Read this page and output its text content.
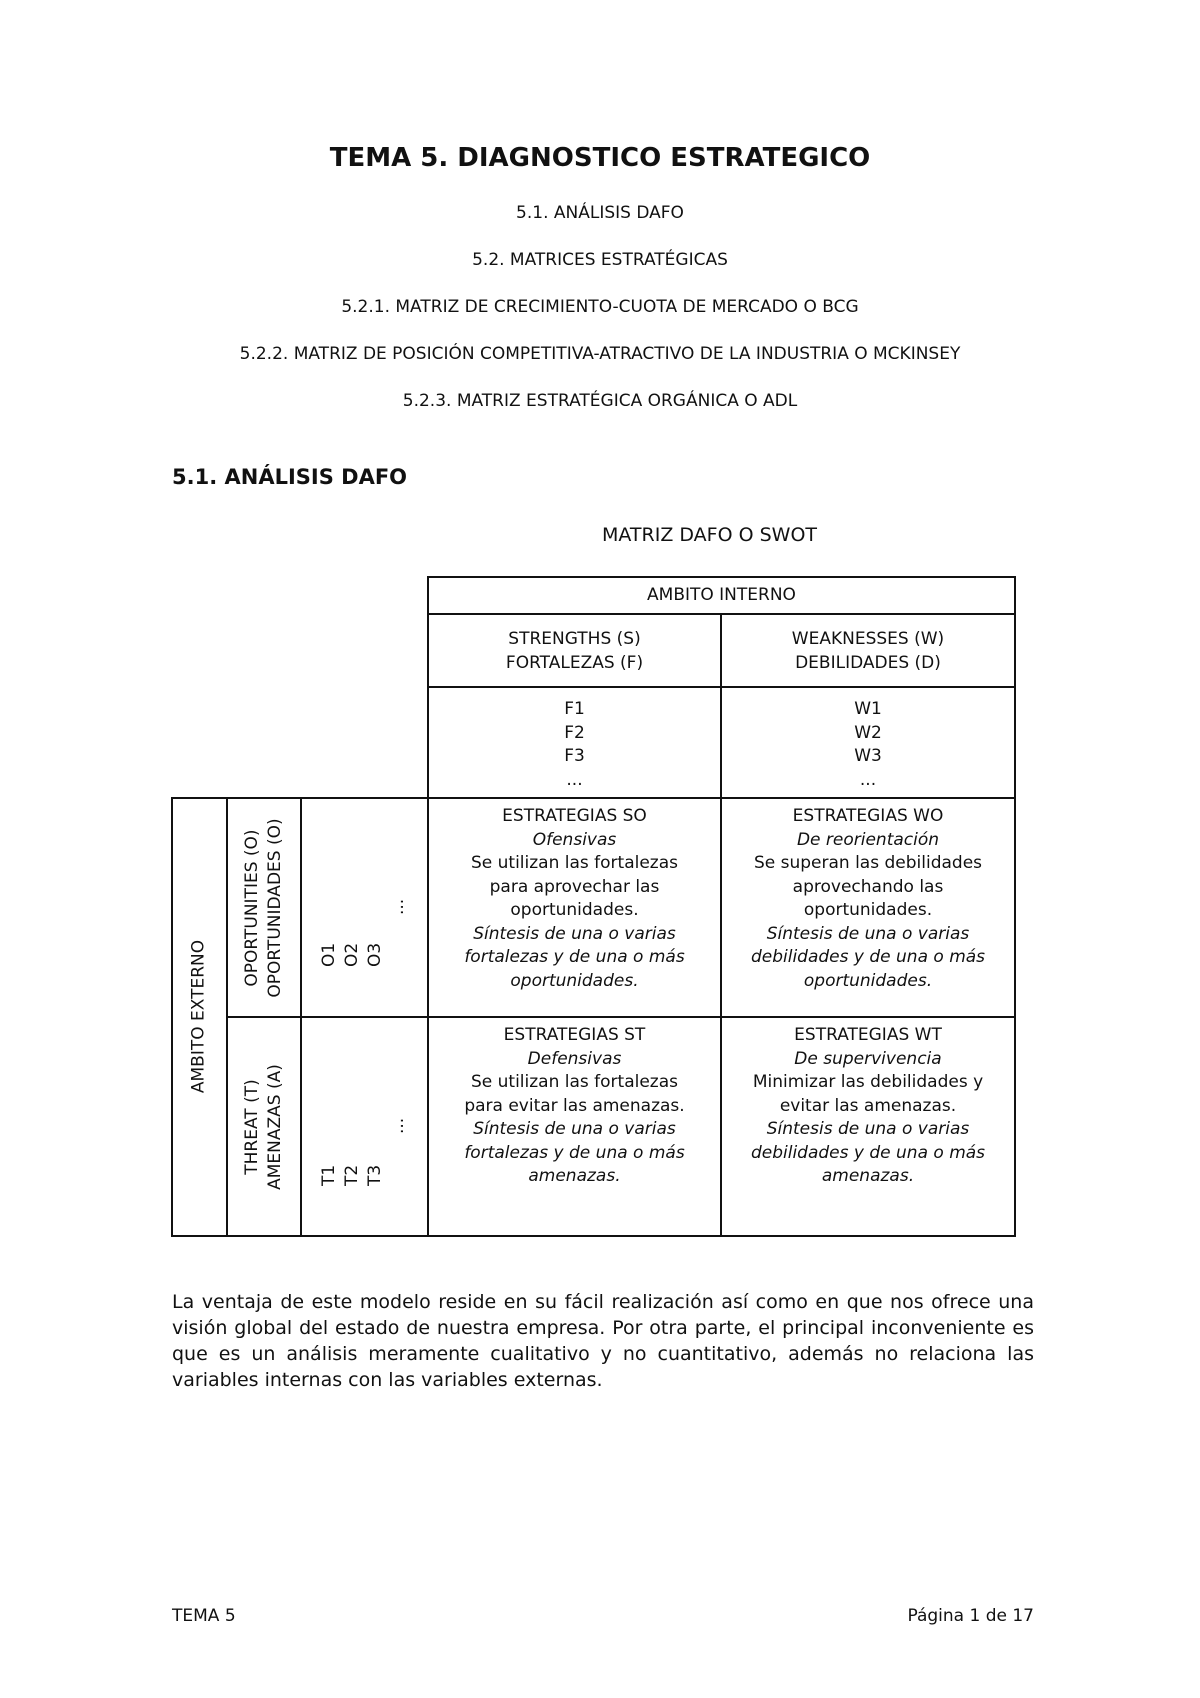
TEMA 5. DIAGNOSTICO ESTRATEGICO
5.1. ANÁLISIS DAFO
5.2. MATRICES ESTRATÉGICAS
5.2.1. MATRIZ DE CRECIMIENTO-CUOTA DE MERCADO O BCG
5.2.2. MATRIZ DE POSICIÓN COMPETITIVA-ATRACTIVO DE LA INDUSTRIA O MCKINSEY
5.2.3. MATRIZ ESTRATÉGICA ORGÁNICA O ADL
5.1. ANÁLISIS DAFO
MATRIZ DAFO O SWOT
AMBITO INTERNO
STRENGTHS (S)
FORTALEZAS (F)
WEAKNESSES (W)
DEBILIDADES (D)
F1
F2
F3
...
W1
W2
W3
...
AMBITO EXTERNO
OPORTUNITIES (O) OPORTUNIDADES (O)
THREAT (T) AMENAZAS (A)
O1 O2 O3
...
T1 T2 T3
...
ESTRATEGIAS SO
Ofensivas
Se utilizan las fortalezas
para aprovechar las
oportunidades.
Síntesis de una o varias
fortalezas y de una o más
oportunidades.
ESTRATEGIAS WO
De reorientación
Se superan las debilidades
aprovechando las
oportunidades.
Síntesis de una o varias
debilidades y de una o más
oportunidades.
ESTRATEGIAS ST
Defensivas
Se utilizan las fortalezas
para evitar las amenazas.
Síntesis de una o varias
fortalezas y de una o más
amenazas.
ESTRATEGIAS WT
De supervivencia
Minimizar las debilidades y
evitar las amenazas.
Síntesis de una o varias
debilidades y de una o más
amenazas.
La ventaja de este modelo reside en su fácil realización así como en que nos ofrece una visión global del estado de nuestra empresa. Por otra parte, el principal inconveniente es que es un análisis meramente cualitativo y no cuantitativo, además no relaciona las variables internas con las variables externas.
TEMA 5	Página 1 de 17
